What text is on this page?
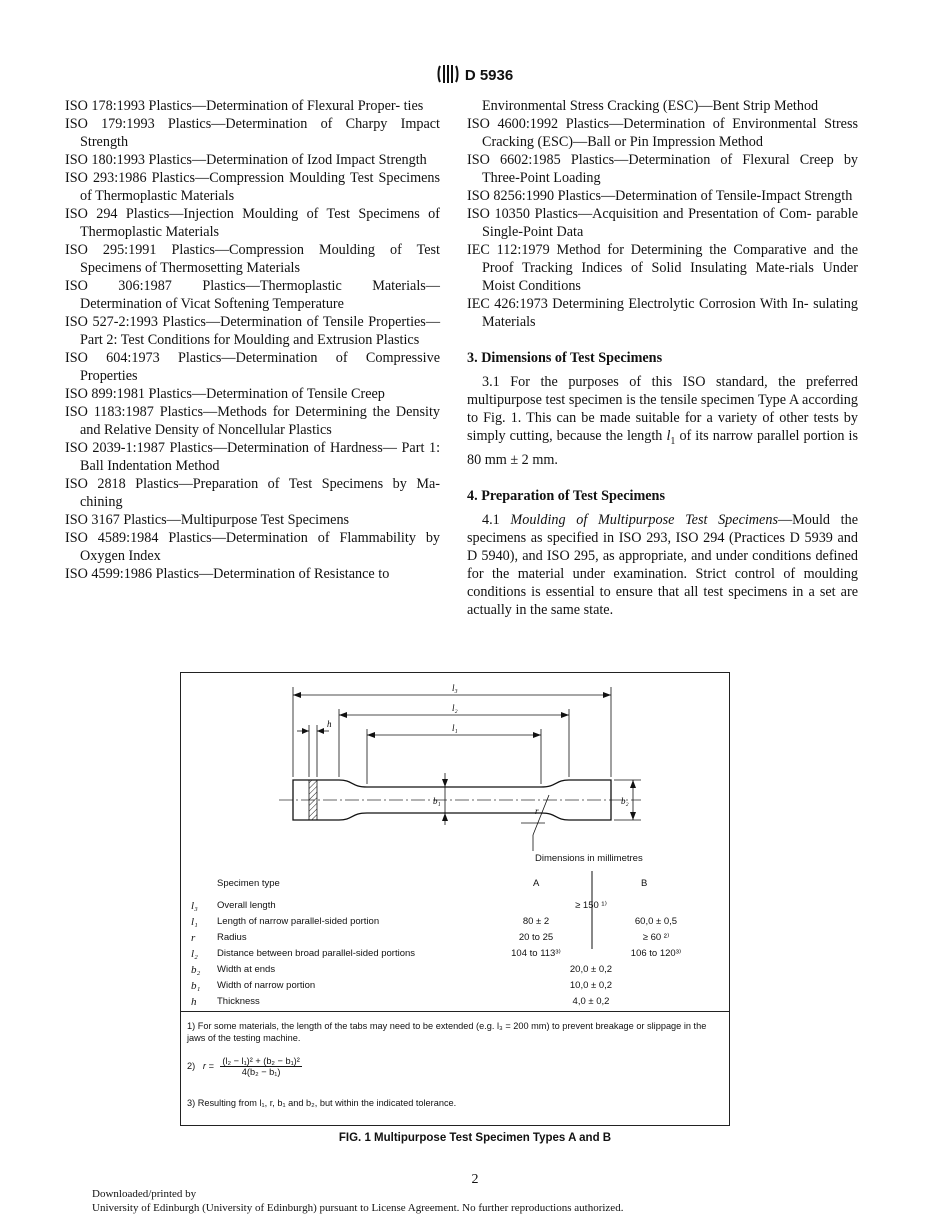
D 5936

ISO 178:1993 Plastics—Determination of Flexural Proper- ties

ISO 179:1993 Plastics—Determination of Charpy Impact Strength

ISO 180:1993 Plastics—Determination of Izod Impact Strength

ISO 293:1986 Plastics—Compression Moulding Test Specimens of Thermoplastic Materials

ISO 294 Plastics—Injection Moulding of Test Specimens of Thermoplastic Materials

ISO 295:1991 Plastics—Compression Moulding of Test Specimens of Thermosetting Materials

ISO 306:1987 Plastics—Thermoplastic Materials— Determination of Vicat Softening Temperature

ISO 527-2:1993 Plastics—Determination of Tensile Properties—Part 2: Test Conditions for Moulding and Extrusion Plastics

ISO 604:1973 Plastics—Determination of Compressive Properties

ISO 899:1981 Plastics—Determination of Tensile Creep

ISO 1183:1987 Plastics—Methods for Determining the Density and Relative Density of Noncellular Plastics

ISO 2039-1:1987 Plastics—Determination of Hardness— Part 1: Ball Indentation Method

ISO 2818 Plastics—Preparation of Test Specimens by Ma- chining

ISO 3167 Plastics—Multipurpose Test Specimens

ISO 4589:1984 Plastics—Determination of Flammability by Oxygen Index

ISO 4599:1986 Plastics—Determination of Resistance to

Environmental Stress Cracking (ESC)—Bent Strip Method

ISO 4600:1992 Plastics—Determination of Environmental Stress Cracking (ESC)—Ball or Pin Impression Method

ISO 6602:1985 Plastics—Determination of Flexural Creep by Three-Point Loading

ISO 8256:1990 Plastics—Determination of Tensile-Impact Strength

ISO 10350 Plastics—Acquisition and Presentation of Com- parable Single-Point Data

IEC 112:1979 Method for Determining the Comparative and the Proof Tracking Indices of Solid Insulating Mate-rials Under Moist Conditions

IEC 426:1973 Determining Electrolytic Corrosion With In- sulating Materials

3. Dimensions of Test Specimens

3.1 For the purposes of this ISO standard, the preferred multipurpose test specimen is the tensile specimen Type A according to Fig. 1. This can be made suitable for a variety of other tests by simply cutting, because the length $l_1$ of its narrow parallel portion is 80 mm ± 2 mm.

4. Preparation of Test Specimens

4.1 Moulding of Multipurpose Test Specimens—Mould the specimens as specified in ISO 293, ISO 294 (Practices D 5939 and D 5940), and ISO 295, as appropriate, and under conditions defined for the material under examination. Strict control of moulding conditions is essential to ensure that all test specimens in a set are actually in the same state.

l₃
l₂
l₁
h
b₁	b₂
r
Dimensions in millimetres
Specimen type	A	B
l₃ Overall length	≥ 150 ¹⁾
l₁ Length of narrow parallel-sided portion	80 ± 2	60,0 ± 0,5
r Radius	20 to 25	≥ 60 ²⁾
l₂ Distance between broad parallel-sided portions	104 to 113³⁾	106 to 120³⁾
b₂ Width at ends	20,0 ± 0,2
b₁ Width of narrow portion	10,0 ± 0,2
h Thickness	4,0 ± 0,2
1) For some materials, the length of the tabs may need to be extended (e.g. l₃ = 200 mm) to prevent breakage or slippage in the jaws of the testing machine.
2) $r = \frac{\text{(l₂ − l₁)² + (b₂ − b₁)²}}{\text{4(b₂ − b₁)}}$
3) Resulting from l₁, r, b₁ and b₂, but within the indicated tolerance.
FIG. 1 Multipurpose Test Specimen Types A and B
2
Downloaded/printed by
University of Edinburgh (University of Edinburgh) pursuant to License Agreement. No further reproductions authorized.
